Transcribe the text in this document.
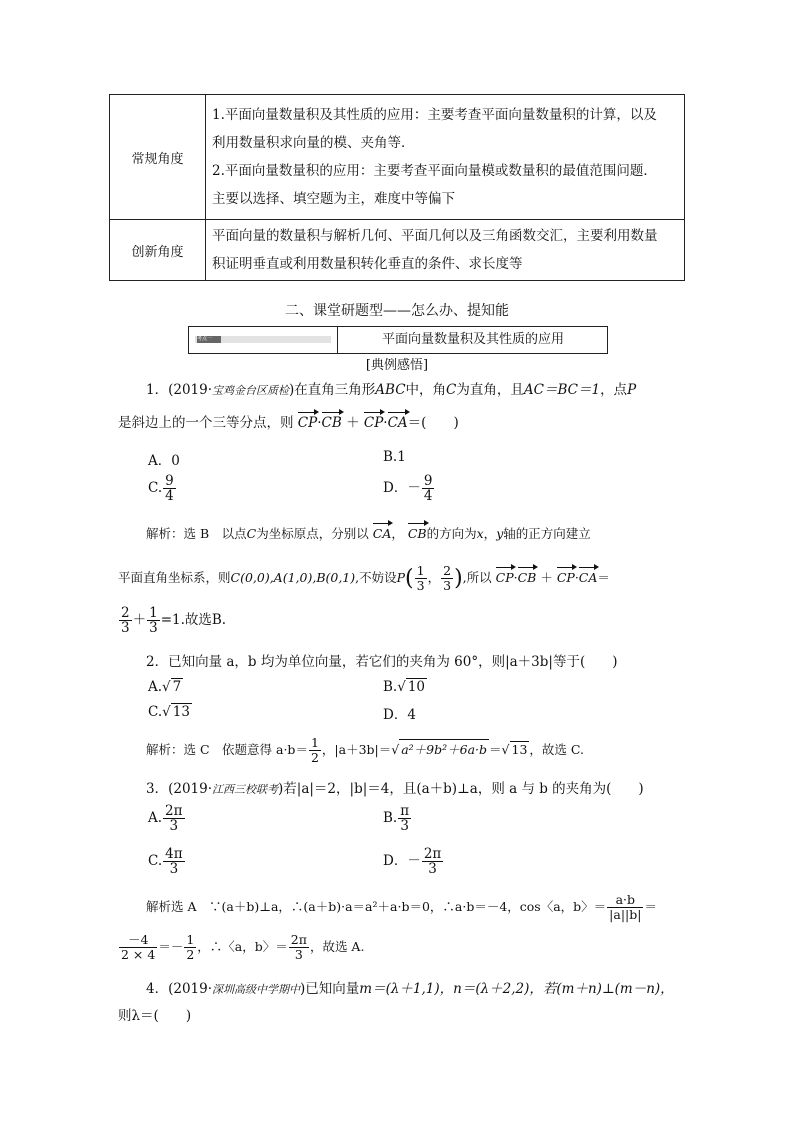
常规角度	1.平面向量数量积及其性质的应用：主要考查平面向量数量积的计算，以及
利用数量积求向量的模、夹角等．
2.平面向量数量积的应用：主要考查平面向量模或数量积的最值范围问题．
主要以选择、填空题为主，难度中等偏下

创新角度	平面向量的数量积与解析几何、平面几何以及三角函数交汇，主要利用数量
积证明垂直或利用数量积转化垂直的条件、求长度等
二、课堂研题型——怎么办、提知能
考点一	平面向量数量积及其性质的应用
[典例感悟]
1．(2019·宝鸡金台区质检)在直角三角形ABC中，角C为直角，且AC＝BC＝1，点P
是斜边上的一个三等分点，则 CP·CB ＋ CP·CA＝(　　)
A．0	B.1
C. $\frac{9}{4}$	D．－ $\frac{9}{4}$
解析：选 B　以点C为坐标原点，分别以 CA， CB的方向为x，y轴的正方向建立
平面直角坐标系，则C(0,0),A(1,0),B(0,1),不妨设$P( \frac{1}{3}$ ， $\frac{2}{3}$ ),所以 CP·CB ＋ CP·CA＝
$\frac{2}{3} + \frac{1}{3} =1$.故选B.
2．已知向量 a，b 均为单位向量，若它们的夹角为 60°，则|a＋3b|等于(　　)
A.√ 7	B.√ 10
C.√ 13	D．4
解析：选 C　依题意得 $a\cdot b= \frac{1}{2}$ ，|a＋3b|＝√ a²＋9b²＋6a·b ＝√ 13 ，故选 C.
3．(2019·江西三校联考)若|a|＝2，|b|＝4，且(a＋b)⊥a，则 a 与 b 的夹角为(　　)
A. $\frac{2\pi}{3}$	B. $\frac{\pi}{3}$
C. $\frac{4\pi}{3}$	D．－ $\frac{2\pi}{3}$
解析选 A　∵(a＋b)⊥a，∴(a＋b)·a＝a²＋a·b＝0，∴a·b＝－4，cos〈a，b〉＝ $\frac{a\cdot b}{|a||b|}$ ＝
$\frac{-4}{2 \times 4} =- \frac{1}{2}$ ，∴〈a，b〉＝ $\frac{2\pi}{3}$ ，故选 A.
4．(2019·深圳高级中学期中)已知向量m＝(λ＋1,1)，n＝(λ＋2,2)，若(m＋n)⊥(m－n)，
则λ＝(　　)
